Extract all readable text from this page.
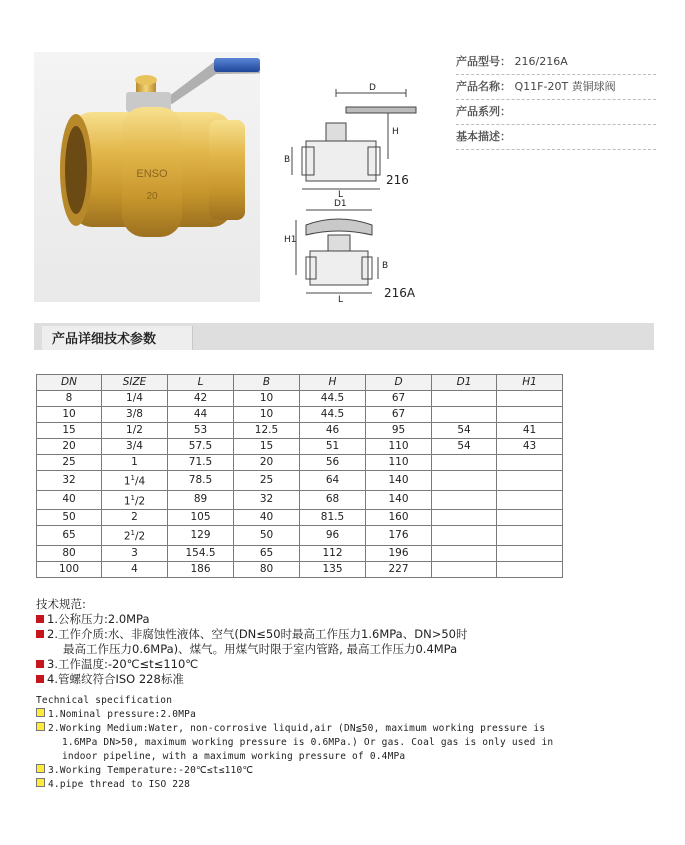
ENSO
20
D
H
B
L
216
D1
H1
B
L	216A
产品型号： 216/216A
产品名称： Q11F-20T 黄铜球阀
产品系列：
基本描述：
产品详细技术参数
DN	SIZE	L	B	H	D	D1	H1
8	1/4	42	10	44.5	67		
10	3/8	44	10	44.5	67		
15	1/2	53	12.5	46	95	54	41
20	3/4	57.5	15	51	110	54	43
25	1	71.5	20	56	110		
32	$1^1/4$	78.5	25	64	140		
40	$1^1/2$	89	32	68	140		
50	2	105	40	81.5	160		
65	$2^1/2$	129	50	96	176		
80	3	154.5	65	112	196		
100	4	186	80	135	227		
技术规范:
1.公称压力:2.0MPa
2.工作介质:水、非腐蚀性液体、空气(DN≤50时最高工作压力1.6MPa、DN>50时
最高工作压力0.6MPa)、煤气。用煤气时限于室内管路, 最高工作压力0.4MPa
3.工作温度:-20℃≤t≤110℃
4.管螺纹符合ISO 228标准
Technical specification
1.Nominal pressure:2.0MPa
2.Working Medium:Water, non-corrosive liquid,air (DN≦50, maximum working pressure is
1.6MPa DN>50, maximum working pressure is 0.6MPa.) Or gas. Coal gas is only used in
indoor pipeline, with a maximum working pressure of 0.4MPa
3.Working Temperature:-20℃≤t≤110℃
4.pipe thread to ISO 228
